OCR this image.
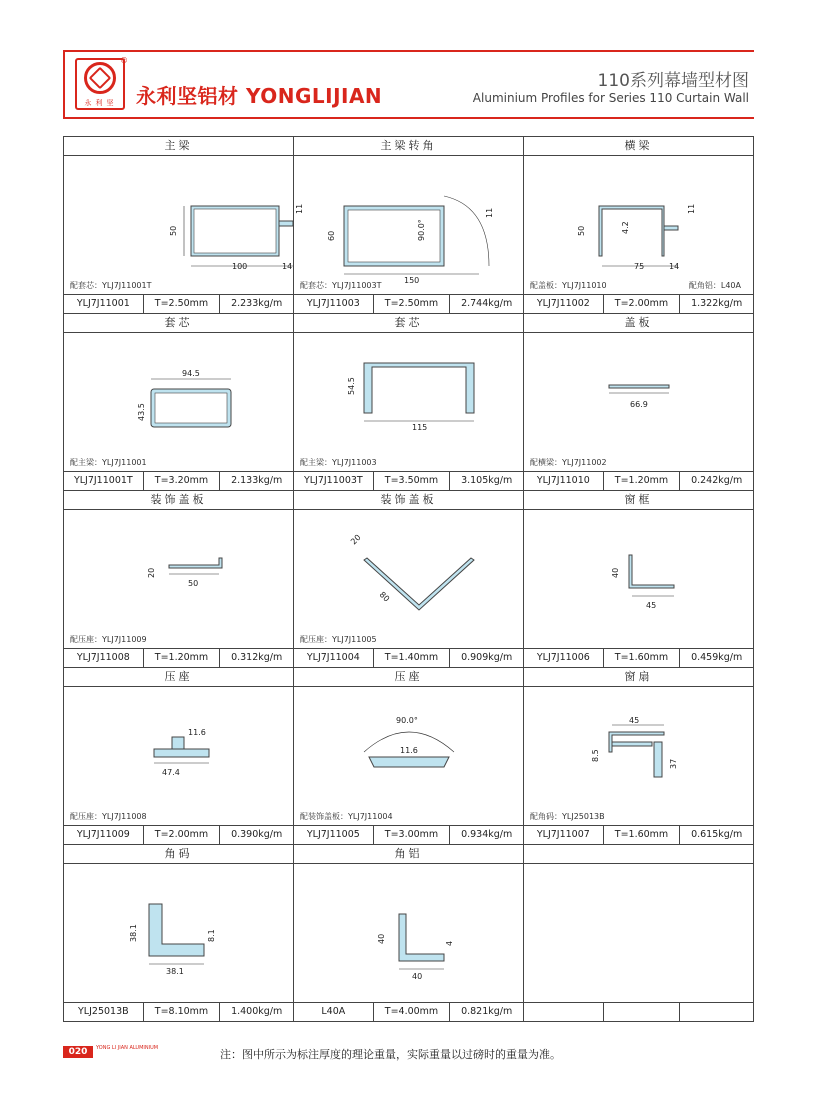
®
永利坚 永利坚铝材 YONGLIJIAN
110系列幕墙型材图
Aluminium Profiles for Series 110 Curtain Wall
主梁
50
100	14
11
配套芯：YLJ7J11001T
YLJ7J11001	T=2.50mm	2.233kg/m
主梁转角
60
150
90.0°
11
配套芯：YLJ7J11003T
YLJ7J11003	T=2.50mm	2.744kg/m
横梁
50
75	14
11
4.2
配盖板：YLJ7J11010	配角铝：L40A
YLJ7J11002	T=2.00mm	1.322kg/m
套芯
94.5
43.5
配主梁：YLJ7J11001
YLJ7J11001T	T=3.20mm	2.133kg/m
套芯
54.5
115
配主梁：YLJ7J11003
YLJ7J11003T	T=3.50mm	3.105kg/m
盖板
66.9
配横梁：YLJ7J11002
YLJ7J11010	T=1.20mm	0.242kg/m
装饰盖板
20
50
配压座：YLJ7J11009
YLJ7J11008	T=1.20mm	0.312kg/m
装饰盖板
20
80
配压座：YLJ7J11005
YLJ7J11004	T=1.40mm	0.909kg/m
窗框
40
45
YLJ7J11006	T=1.60mm	0.459kg/m
压座
11.6
47.4
配压座：YLJ7J11008
YLJ7J11009	T=2.00mm	0.390kg/m
压座
90.0°
11.6
配装饰盖板：YLJ7J11004
YLJ7J11005	T=3.00mm	0.934kg/m
窗扇
45
8.5
37
配角码：YLJ25013B
YLJ7J11007	T=1.60mm	0.615kg/m
角码
38.1
38.1
8.1
YLJ25013B	T=8.10mm	1.400kg/m
角铝
40
40
4
L40A	T=4.00mm	0.821kg/m
020	YONG LI JIAN ALUMINIUM	注：图中所示为标注厚度的理论重量，实际重量以过磅时的重量为准。
